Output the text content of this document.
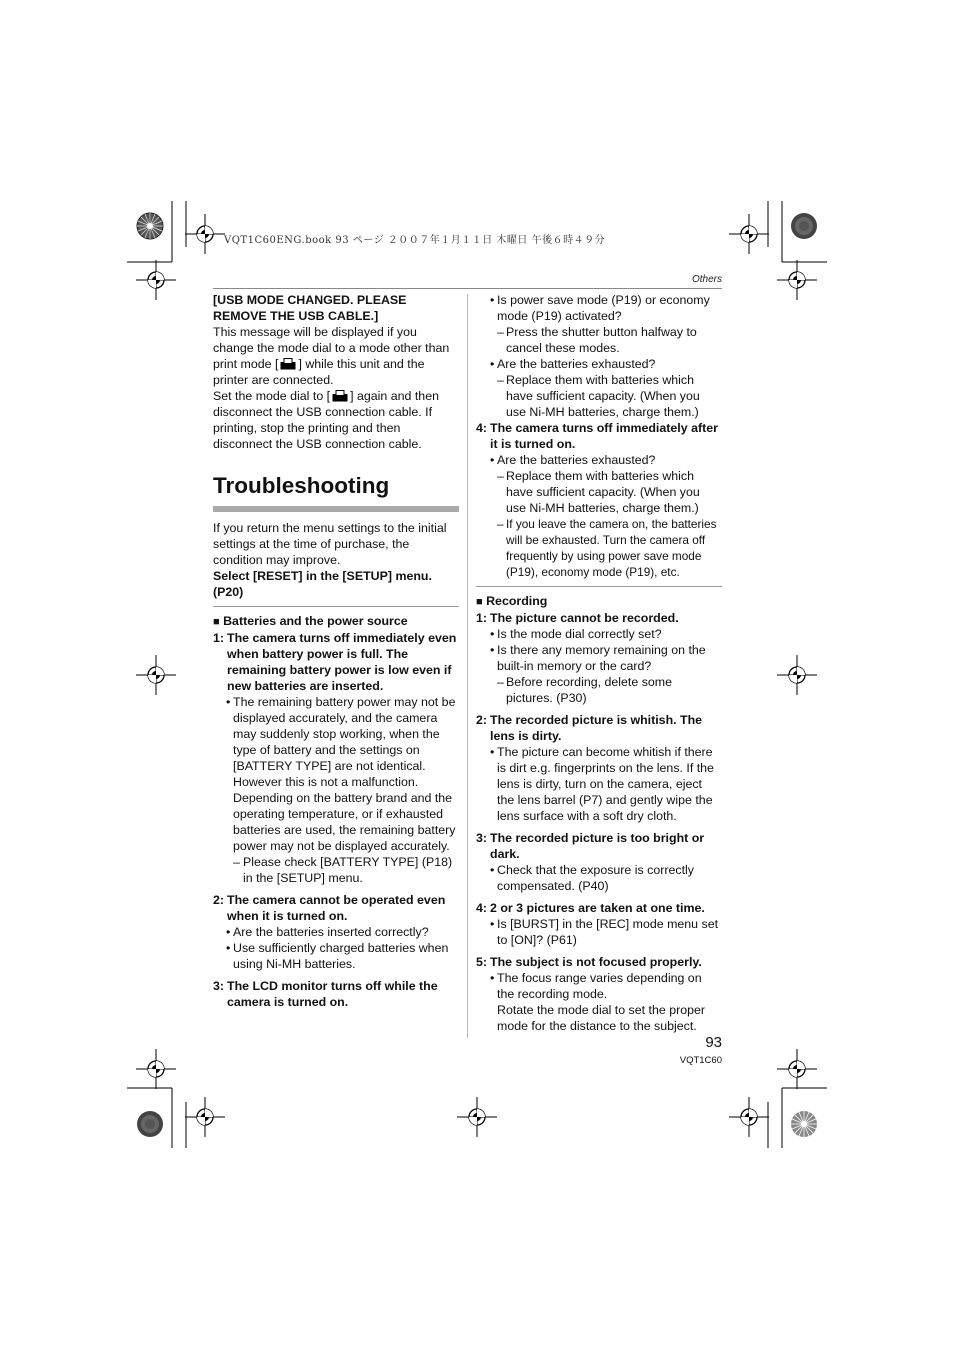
VQT1C60ENG.book 93 ページ ２００７年１月１１日 木曜日 午後６時４９分
Others

[USB MODE CHANGED. PLEASE REMOVE THE USB CABLE.]

This message will be displayed if you change the mode dial to a mode other than print mode [ ] while this unit and the printer are connected.

Set the mode dial to [ ] again and then disconnect the USB connection cable. If printing, stop the printing and then disconnect the USB connection cable.

Troubleshooting

If you return the menu settings to the initial settings at the time of purchase, the condition may improve.

Select [RESET] in the [SETUP] menu. (P20)

■ Batteries and the power source

1: The camera turns off immediately even when battery power is full. The remaining battery power is low even if new batteries are inserted.
• The remaining battery power may not be displayed accurately, and the camera may suddenly stop working, when the type of battery and the settings on [BATTERY TYPE] are not identical. However this is not a malfunction. Depending on the battery brand and the operating temperature, or if exhausted batteries are used, the remaining battery power may not be displayed accurately.
– Please check [BATTERY TYPE] (P18) in the [SETUP] menu.
2: The camera cannot be operated even when it is turned on.
• Are the batteries inserted correctly?
• Use sufficiently charged batteries when using Ni-MH batteries.
3: The LCD monitor turns off while the camera is turned on.
• Is power save mode (P19) or economy mode (P19) activated?
– Press the shutter button halfway to cancel these modes.
• Are the batteries exhausted?
– Replace them with batteries which have sufficient capacity. (When you use Ni-MH batteries, charge them.)
4: The camera turns off immediately after it is turned on.
• Are the batteries exhausted?
– Replace them with batteries which have sufficient capacity. (When you use Ni-MH batteries, charge them.)
– If you leave the camera on, the batteries will be exhausted. Turn the camera off frequently by using power save mode (P19), economy mode (P19), etc.

■ Recording

1: The picture cannot be recorded.
• Is the mode dial correctly set?
• Is there any memory remaining on the built-in memory or the card?
– Before recording, delete some pictures. (P30)
2: The recorded picture is whitish. The lens is dirty.
• The picture can become whitish if there is dirt e.g. fingerprints on the lens. If the lens is dirty, turn on the camera, eject the lens barrel (P7) and gently wipe the lens surface with a soft dry cloth.
3: The recorded picture is too bright or dark.
• Check that the exposure is correctly compensated. (P40)
4: 2 or 3 pictures are taken at one time.
• Is [BURST] in the [REC] mode menu set to [ON]? (P61)
5: The subject is not focused properly.
• The focus range varies depending on the recording mode.
Rotate the mode dial to set the proper mode for the distance to the subject.
93
VQT1C60
